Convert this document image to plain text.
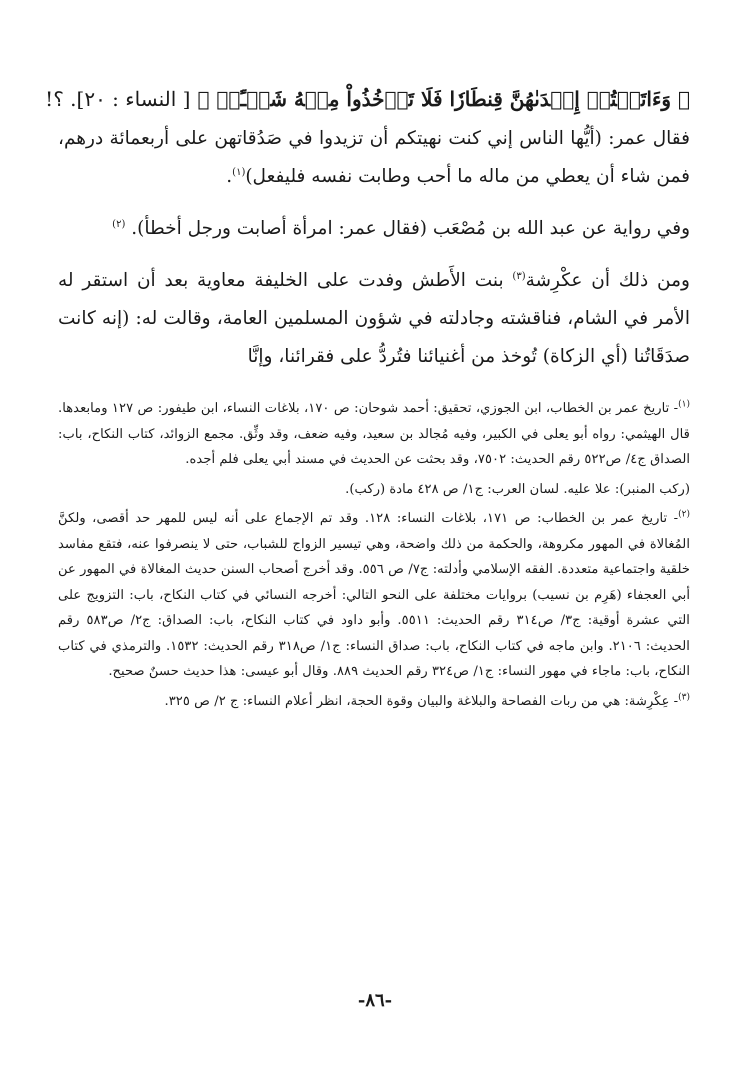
﴿ وَءَاتَيۡتُمۡ إِحۡدَىٰهُنَّ قِنطَارٗا فَلَا تَأۡخُذُواْ مِنۡهُ شَيۡـًٔاۚ ﴾ [ النساء : ٢٠]. ؟!

فقال عمر: (أيُّها الناس إني كنت نهيتكم أن تزيدوا في صَدُقاتهن على أربعمائة درهم، فمن شاء أن يعطي من ماله ما أحب وطابت نفسه فليفعل)$^{(١)}$.

وفي رواية عن عبد الله بن مُصْعَب (فقال عمر: امرأة أصابت ورجل أخطأ). $^{(٢)}$

ومن ذلك أن عكْرِشة$^{(٣)}$ بنت الأَطش وفدت على الخليفة معاوية بعد أن استقر له الأمر في الشام، فناقشته وجادلته في شؤون المسلمين العامة، وقالت له: (إنه كانت صدَقَاتُنا (أي الزكاة) تُوخذ من أغنيائنا فتُردُّ على فقرائنا، وإنَّا

$^{(١)}$- تاريخ عمر بن الخطاب، ابن الجوزي، تحقيق: أحمد شوحان: ص ١٧٠، بلاغات النساء، ابن طيفور: ص ١٢٧ ومابعدها. قال الهيثمي: رواه أبو يعلى في الكبير، وفيه مُجالد بن سعيد، وفيه ضعف، وقد وثِّق. مجمع الزوائد، كتاب النكاح، باب: الصداق ج٤/ ص٥٢٢ رقم الحديث: ٧٥٠٢، وقد بحثت عن الحديث في مسند أبي يعلى فلم أجده.

(ركب المنبر): علا عليه. لسان العرب: ج١/ ص ٤٢٨ مادة (ركب).

$^{(٢)}$- تاريخ عمر بن الخطاب: ص ١٧١، بلاغات النساء: ١٢٨. وقد تم الإجماع على أنه ليس للمهر حد أقصى، ولكنَّ المُغالاة في المهور مكروهة، والحكمة من ذلك واضحة، وهي تيسير الزواج للشباب، حتى لا ينصرفوا عنه، فتقع مفاسد خلقية واجتماعية متعددة. الفقه الإسلامي وأدلته: ج٧/ ص ٥٥٦. وقد أخرج أصحاب السنن حديث المغالاة في المهور عن أبي العجفاء (هَرِم بن نسيب) بروايات مختلفة على النحو التالي: أخرجه النسائي في كتاب النكاح، باب: التزويج على التي عشرة أوقية: ج٣/ ص٣١٤ رقم الحديث: ٥٥١١. وأبو داود في كتاب النكاح، باب: الصداق: ج٢/ ص٥٨٣ رقم الحديث: ٢١٠٦. وابن ماجه في كتاب النكاح، باب: صداق النساء: ج١/ ص٣١٨ رقم الحديث: ١٥٣٢. والترمذي في كتاب النكاح، باب: ماجاء في مهور النساء: ج١/ ص٣٢٤ رقم الحديث ٨٨٩. وقال أبو عيسى: هذا حديث حسنٌ صحيح.

$^{(٣)}$- عِكْرِشة: هي من ربات الفصاحة والبلاغة والبيان وقوة الحجة، انظر أعلام النساء: ج ٢/ ص ٣٢٥.

-٨٦-
